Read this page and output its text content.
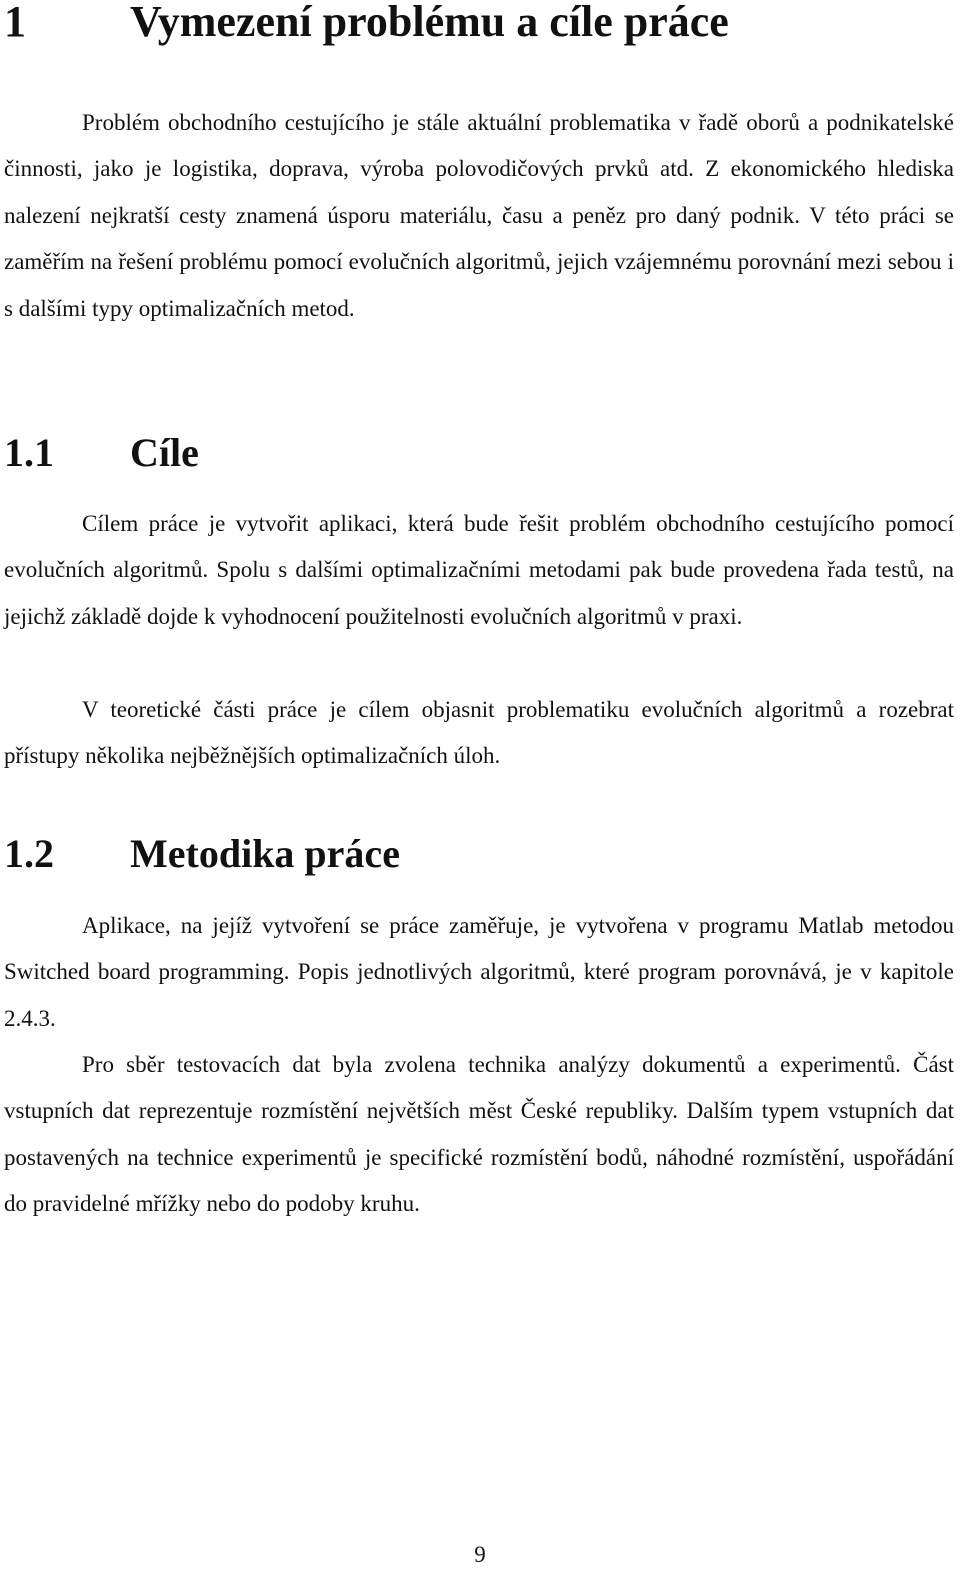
1 Vymezení problému a cíle práce

Problém obchodního cestujícího je stále aktuální problematika v řadě oborů a podnikatelské činnosti, jako je logistika, doprava, výroba polovodičových prvků atd. Z ekonomického hlediska nalezení nejkratší cesty znamená úsporu materiálu, času a peněz pro daný podnik. V této práci se zaměřím na řešení problému pomocí evolučních algoritmů, jejich vzájemnému porovnání mezi sebou i s dalšími typy optimalizačních metod.

1.1 Cíle

Cílem práce je vytvořit aplikaci, která bude řešit problém obchodního cestujícího pomocí evolučních algoritmů. Spolu s dalšími optimalizačními metodami pak bude provedena řada testů, na jejichž základě dojde k vyhodnocení použitelnosti evolučních algoritmů v praxi.

V teoretické části práce je cílem objasnit problematiku evolučních algoritmů a rozebrat přístupy několika nejběžnějších optimalizačních úloh.

1.2 Metodika práce

Aplikace, na jejíž vytvoření se práce zaměřuje, je vytvořena v programu Matlab metodou Switched board programming. Popis jednotlivých algoritmů, které program porovnává, je v kapitole 2.4.3.

Pro sběr testovacích dat byla zvolena technika analýzy dokumentů a experimentů. Část vstupních dat reprezentuje rozmístění největších měst České republiky. Dalším typem vstupních dat postavených na technice experimentů je specifické rozmístění bodů, náhodné rozmístění, uspořádání do pravidelné mřížky nebo do podoby kruhu.

9
